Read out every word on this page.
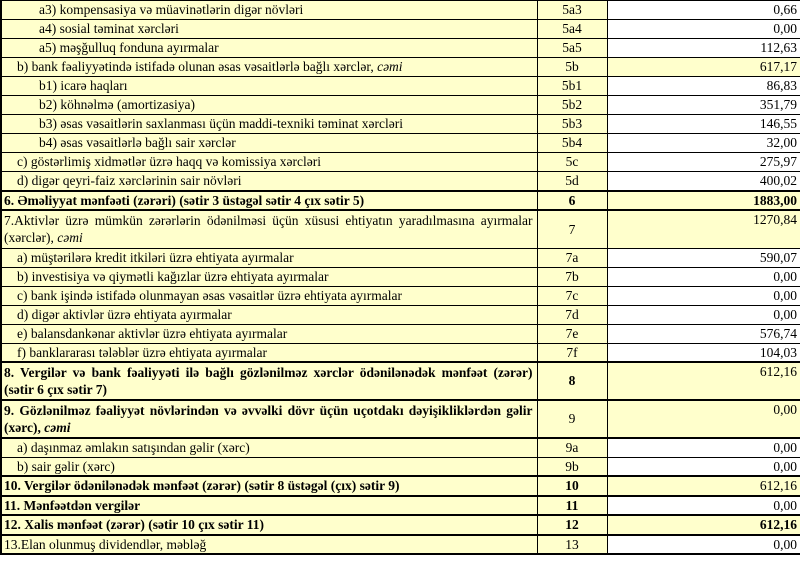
a3) kompensasiya və müavinətlərin digər növləri	5a3	0,66
a4) sosial təminat xərcləri	5a4	0,00
a5) məşğulluq fonduna ayırmalar	5a5	112,63
b) bank fəaliyyətində istifadə olunan əsas vəsaitlərlə bağlı xərclər, cəmi	5b	617,17
b1) icarə haqları	5b1	86,83
b2) köhnəlmə (amortizasiya)	5b2	351,79
b3) əsas vəsaitlərin saxlanması üçün maddi-texniki təminat xərcləri	5b3	146,55
b4) əsas vəsaitlərlə bağlı sair xərclər	5b4	32,00
c) göstərlimiş xidmətlər üzrə haqq və komissiya xərcləri	5c	275,97
d) digər qeyri-faiz xərclərinin sair növləri	5d	400,02
6. Əməliyyat mənfəəti (zərəri) (sətir 3 üstəgəl sətir 4 çıx sətir 5)	6	1883,00
7.Aktivlər üzrə mümkün zərərlərin ödənilməsi üçün xüsusi ehtiyatın yaradılmasına ayırmalar (xərclər), cəmi	7	1270,84
a) müştərilərə kredit itkiləri üzrə ehtiyata ayırmalar	7a	590,07
b) investisiya və qiymətli kağızlar üzrə ehtiyata ayırmalar	7b	0,00
c) bank işində istifadə olunmayan əsas vəsaitlər üzrə ehtiyata ayırmalar	7c	0,00
d) digər aktivlər üzrə ehtiyata ayırmalar	7d	0,00
e) balansdankənar aktivlər üzrə ehtiyata ayırmalar	7e	576,74
f) banklararası tələblər üzrə ehtiyata ayırmalar	7f	104,03
8. Vergilər və bank fəaliyyəti ilə bağlı gözlənilməz xərclər ödənilənədək mənfəət (zərər) (sətir 6 çıx sətir 7)	8	612,16
9. Gözlənilməz fəaliyyət növlərindən və əvvəlki dövr üçün uçotdakı dəyişikliklərdən gəlir (xərc), cəmi	9	0,00
a) daşınmaz əmlakın satışından gəlir (xərc)	9a	0,00
b) sair gəlir (xərc)	9b	0,00
10. Vergilər ödənilənədək mənfəət (zərər) (sətir 8 üstəgəl (çıx) sətir 9)	10	612,16
11. Mənfəətdən vergilər	11	0,00
12. Xalis mənfəət (zərər) (sətir 10 çıx sətir 11)	12	612,16
13.Elan olunmuş dividendlər, məbləğ	13	0,00
